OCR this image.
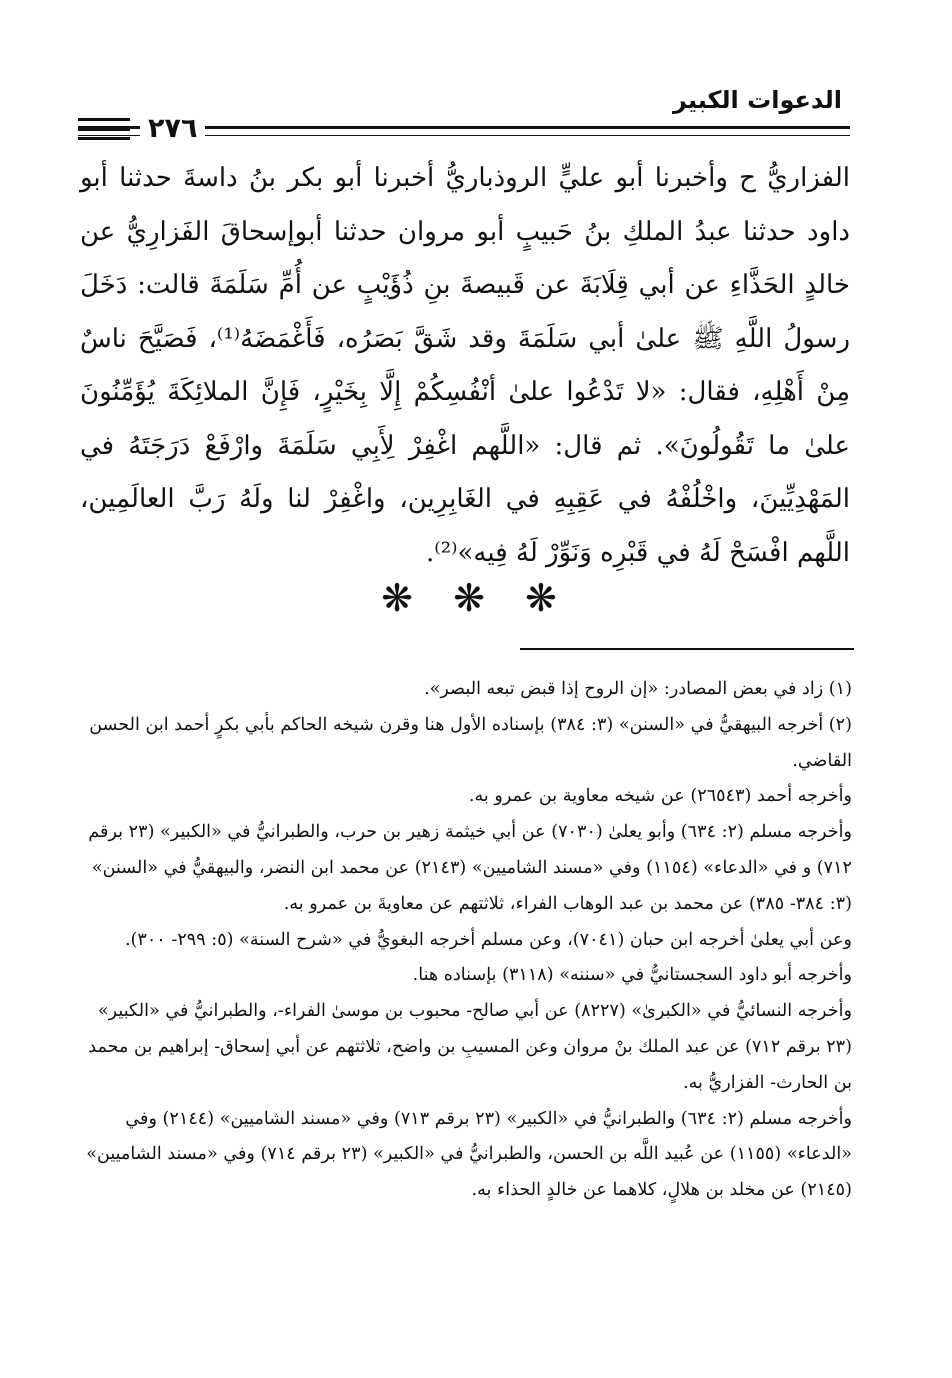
الدعوات الكبير
٢٧٦

الفزاريُّ ح وأخبرنا أبو عليٍّ الروذباريُّ أخبرنا أبو بكر بنُ داسةَ حدثنا أبو داود حدثنا عبدُ الملكِ بنُ حَبيبٍ أبو مروان حدثنا أبوإسحاقَ الفَزارِيُّ عن خالدٍ الحَذَّاءِ عن أبي قِلَابَةَ عن قَبيصةَ بنِ ذُؤَيْبٍ عن أُمِّ سَلَمَةَ قالت: دَخَلَ رسولُ اللَّهِ ﷺ علىٰ أبي سَلَمَةَ وقد شَقَّ بَصَرُه، فَأَغْمَضَهُ⁽¹⁾، فَصَيَّحَ ناسٌ مِنْ أَهْلِهِ، فقال: «لا تَدْعُوا علىٰ أنْفُسِكُمْ إِلَّا بِخَيْرٍ، فَإِنَّ الملائِكَةَ يُؤَمِّنُونَ علىٰ ما تَقُولُونَ». ثم قال: «اللَّهم اغْفِرْ لِأَبِي سَلَمَةَ وارْفَعْ دَرَجَتَهُ في المَهْدِيِّينَ، واخْلُفْهُ في عَقِبِهِ في الغَابِرِين، واغْفِرْ لنا ولَهُ رَبَّ العالَمِين، اللَّهم افْسَحْ لَهُ في قَبْرِه وَنَوِّرْ لَهُ فِيه»⁽²⁾.

❋ ❋ ❋

(١) زاد في بعض المصادر: «إن الروح إذا قبض تبعه البصر».

(٢) أخرجه البيهقيُّ في «السنن» (٣: ٣٨٤) بإسناده الأول هنا وقرن شيخه الحاكم بأبي بكرٍ أحمد ابن الحسن القاضي.

وأخرجه أحمد (٢٦٥٤٣) عن شيخه معاوية بن عمرو به.

وأخرجه مسلم (٢: ٦٣٤) وأبو يعلىٰ (٧٠٣٠) عن أبي خيثمة زهير بن حرب، والطبرانيُّ في «الكبير» (٢٣ برقم ٧١٢) و في «الدعاء» (١١٥٤) وفي «مسند الشاميين» (٢١٤٣) عن محمد ابن النضر، والبيهقيُّ في «السنن» (٣: ٣٨٤- ٣٨٥) عن محمد بن عبد الوهاب الفراء، ثلاثتهم عن معاويةَ بن عمرو به.

وعن أبي يعلىٰ أخرجه ابن حبان (٧٠٤١)، وعن مسلم أخرجه البغويُّ في «شرح السنة» (٥: ٢٩٩- ٣٠٠). وأخرجه أبو داود السجستانيُّ في «سننه» (٣١١٨) بإسناده هنا.

وأخرجه النسائيُّ في «الكبرىٰ» (٨٢٢٧) عن أبي صالح- محبوب بن موسىٰ الفراء-، والطبرانيُّ في «الكبير» (٢٣ برقم ٧١٢) عن عبد الملك بنْ مروان وعن المسيبِ بن واضح، ثلاثتهم عن أبي إسحاق- إبراهيم بن محمد بن الحارث- الفزاريُّ به.

وأخرجه مسلم (٢: ٦٣٤) والطبرانيُّ في «الكبير» (٢٣ برقم ٧١٣) وفي «مسند الشاميين» (٢١٤٤) وفي «الدعاء» (١١٥٥) عن عُبيد اللَّه بن الحسن، والطبرانيُّ في «الكبير» (٢٣ برقم ٧١٤) وفي «مسند الشاميين» (٢١٤٥) عن مخلد بن هلالٍ، كلاهما عن خالدٍ الحذاء به.
